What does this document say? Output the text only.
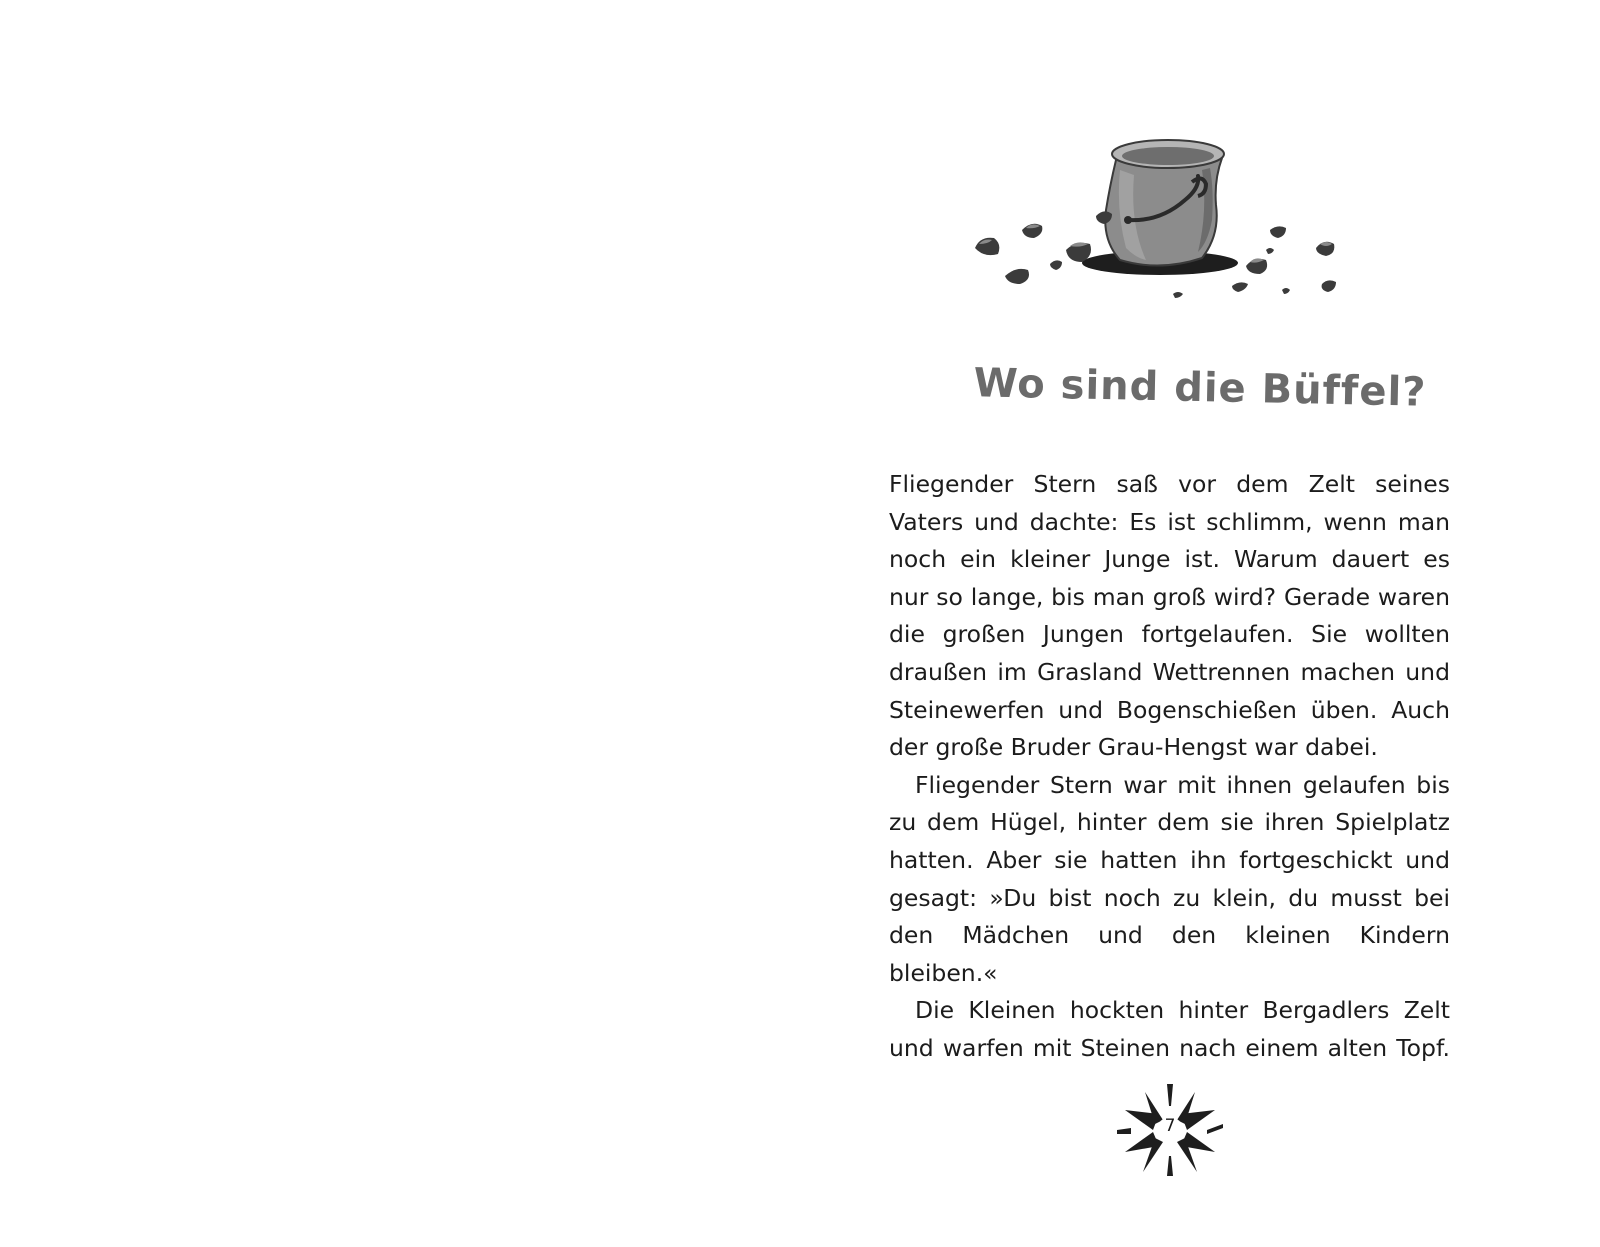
Wo sind die Büffel?

Fliegender Stern saß vor dem Zelt seines Vaters und dachte: Es ist schlimm, wenn man noch ein kleiner Junge ist. Warum dauert es nur so lange, bis man groß wird? Gerade waren die großen Jungen fortgelaufen. Sie wollten draußen im Grasland Wettrennen machen und Steinewerfen und Bogenschießen üben. Auch der große Bruder Grau-Hengst war dabei.

Fliegender Stern war mit ihnen gelaufen bis zu dem Hügel, hinter dem sie ihren Spielplatz hatten. Aber sie hatten ihn fortgeschickt und gesagt: »Du bist noch zu klein, du musst bei den Mädchen und den kleinen Kindern bleiben.«

Die Kleinen hockten hinter Bergadlers Zelt und warfen mit Steinen nach einem alten Topf.

7
